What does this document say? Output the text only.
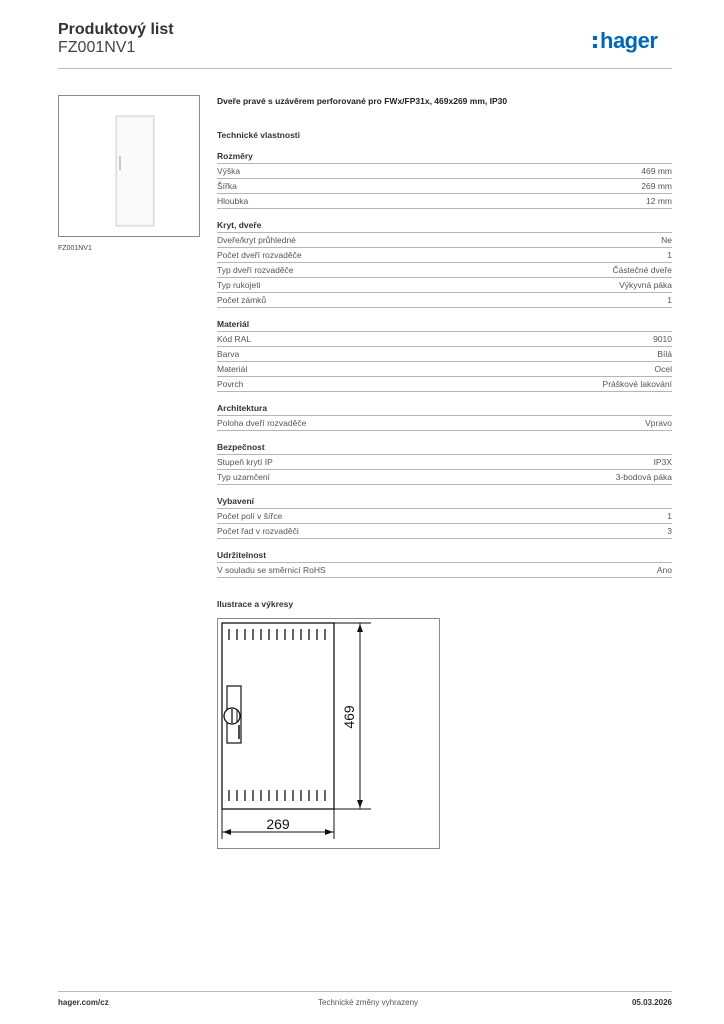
Produktový list
FZ001NV1	hager
FZ001NV1
Dveře pravé s uzávěrem perforované pro FWx/FP31x, 469x269 mm, IP30
Technické vlastnosti
Rozměry
Výška	469 mm
Šířka	269 mm
Hloubka	12 mm
Kryt, dveře
Dveře/kryt průhledné	Ne
Počet dveří rozvaděče	1
Typ dveří rozvaděče	Částečné dveře
Typ rukojeti	Výkyvná páka
Počet zámků	1
Materiál
Kód RAL	9010
Barva	Bílá
Materiál	Ocel
Povrch	Práškové lakování
Architektura
Poloha dveří rozvaděče	Vpravo
Bezpečnost
Stupeň krytí IP	IP3X
Typ uzamčení	3-bodová páka
Vybavení
Počet polí v šířce	1
Počet řad v rozvaděči	3
Udržitelnost
V souladu se směrnicí RoHS	Ano
Ilustrace a výkresy
469
269
hager.com/cz	Technické změny vyhrazeny	05.03.2026
